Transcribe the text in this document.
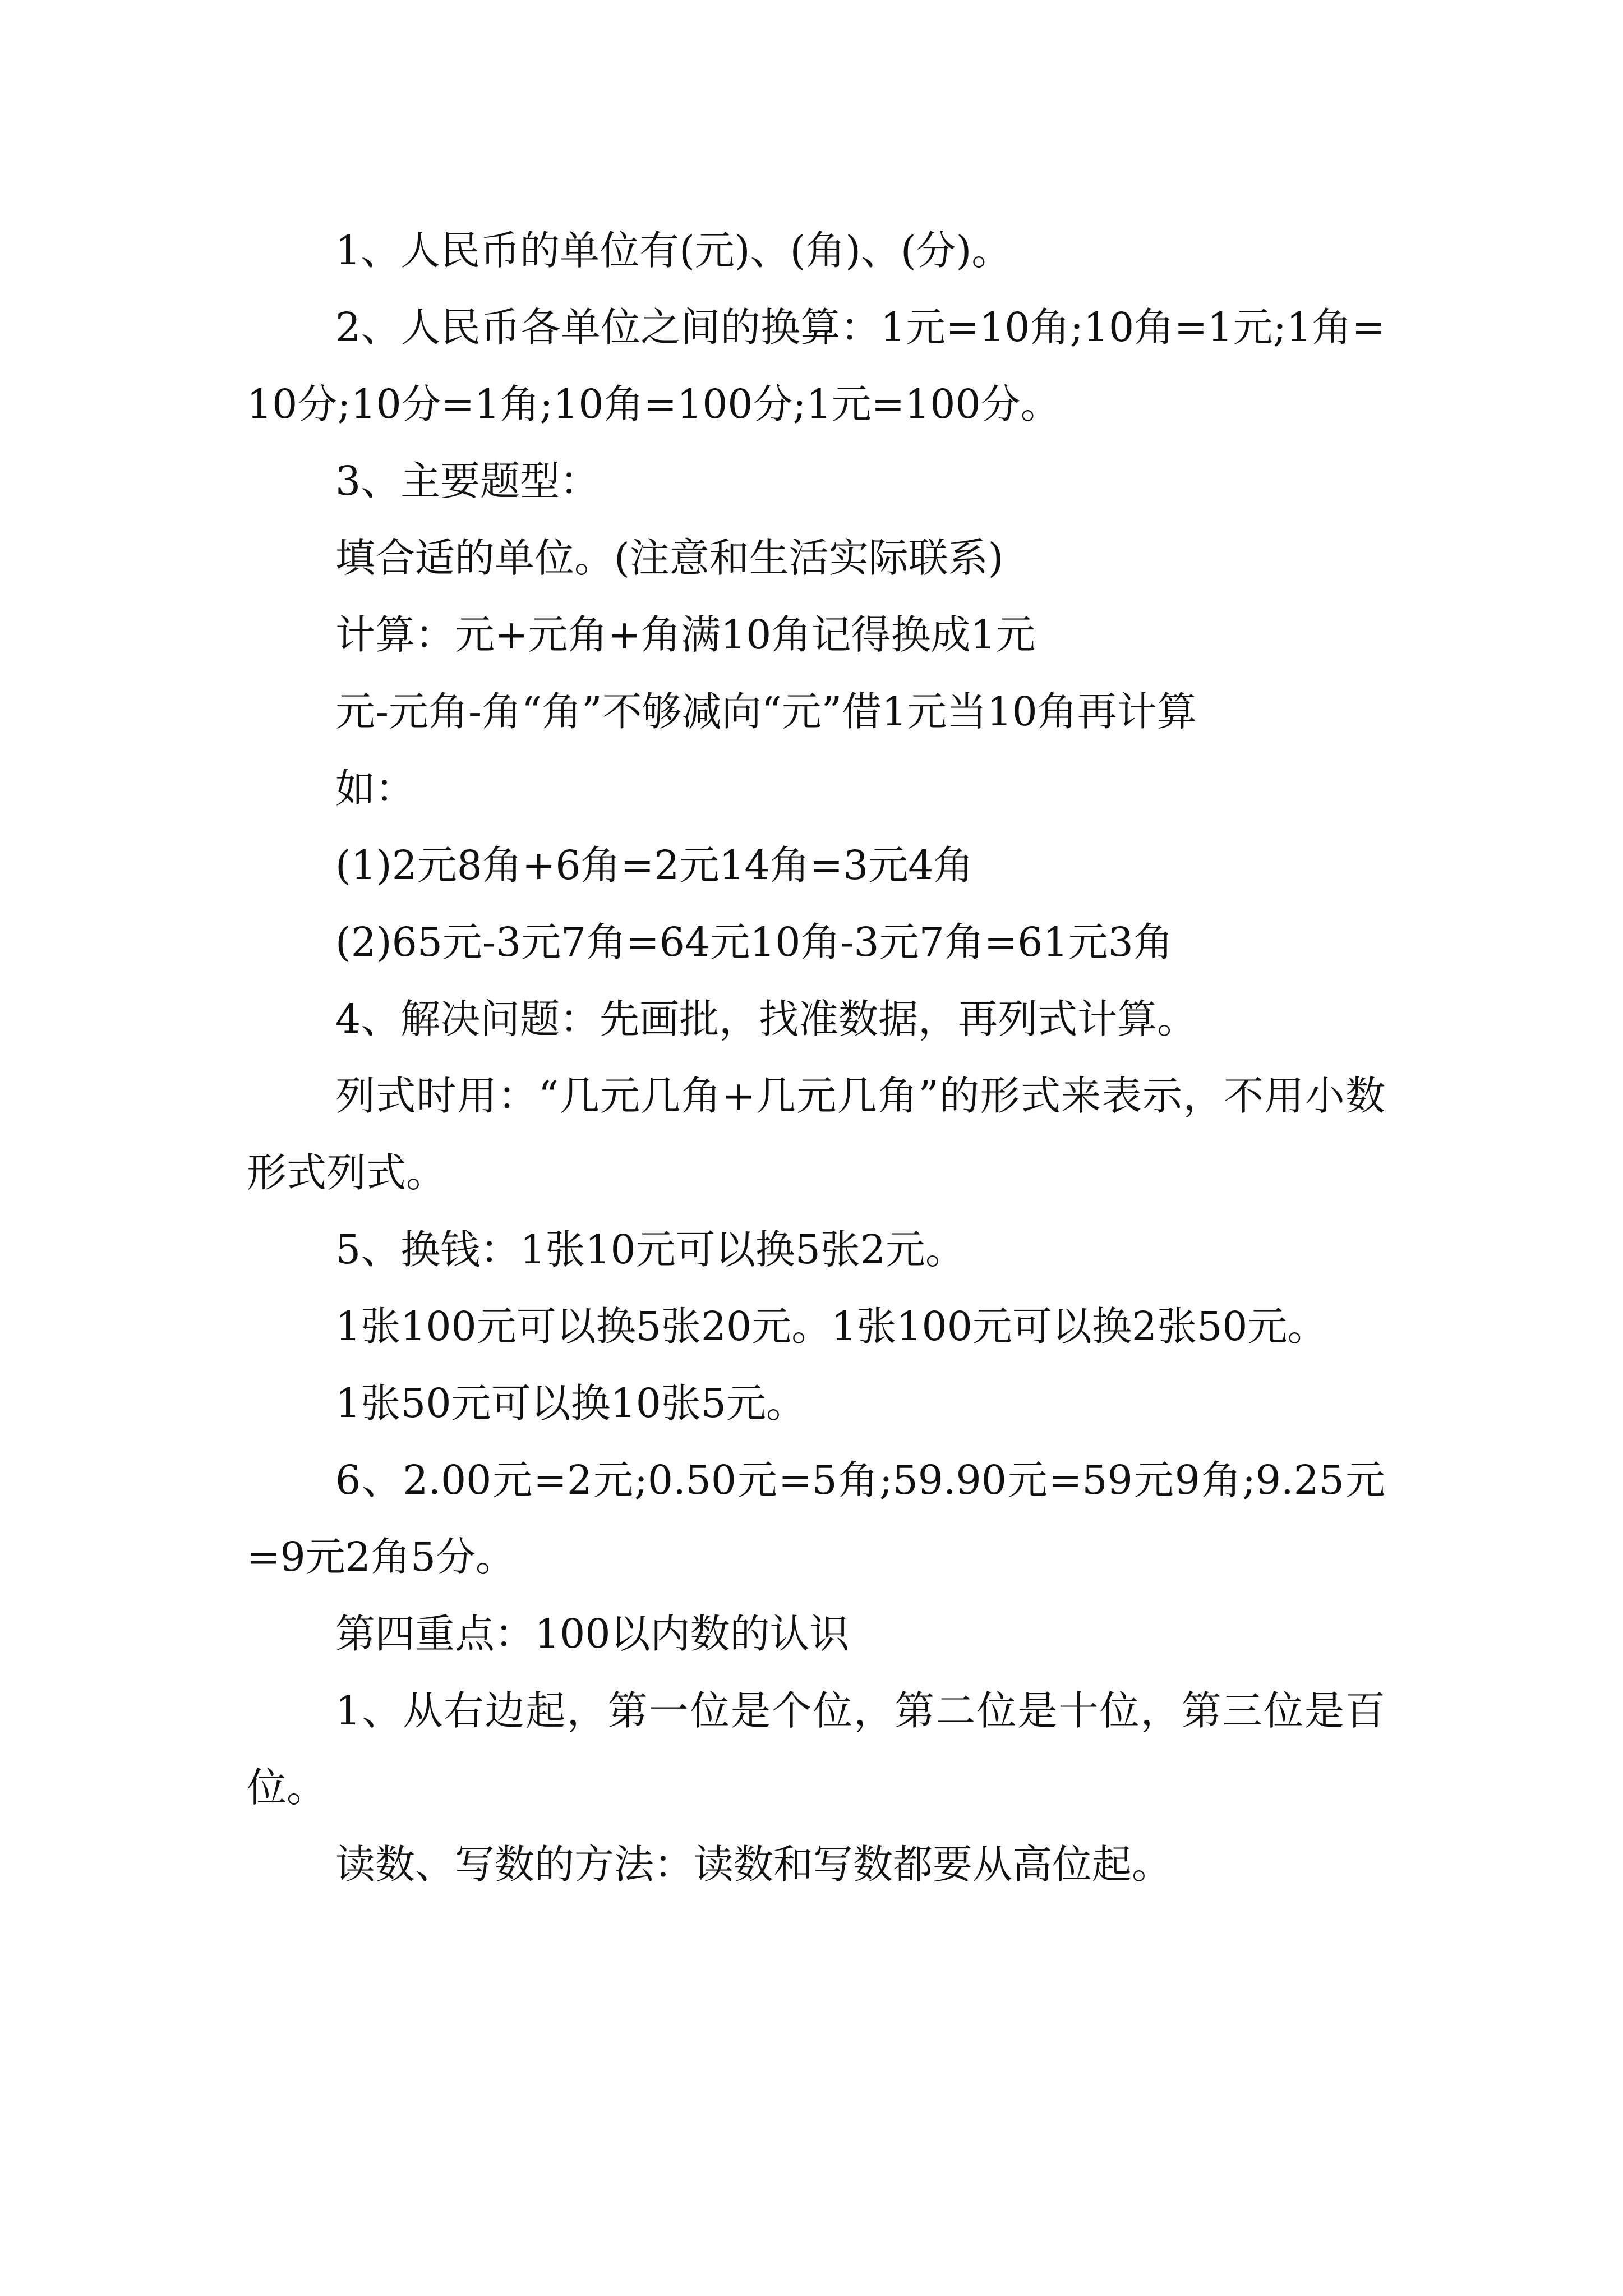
1、人民币的单位有(元)、(角)、(分)。

2、人民币各单位之间的换算：1元=10角;10角=1元;1角=10分;10分=1角;10角=100分;1元=100分。

3、主要题型：

填合适的单位。(注意和生活实际联系)

计算：元+元角+角满10角记得换成1元

元-元角-角“角”不够减向“元”借1元当10角再计算

如：

(1)2元8角+6角=2元14角=3元4角

(2)65元-3元7角=64元10角-3元7角=61元3角

4、解决问题：先画批，找准数据，再列式计算。

列式时用：“几元几角+几元几角”的形式来表示，不用小数形式列式。

5、换钱：1张10元可以换5张2元。

1张100元可以换5张20元。1张100元可以换2张50元。

1张50元可以换10张5元。

6、2.00元=2元;0.50元=5角;59.90元=59元9角;9.25元=9元2角5分。

第四重点：100以内数的认识

1、从右边起，第一位是个位，第二位是十位，第三位是百位。

读数、写数的方法：读数和写数都要从高位起。
